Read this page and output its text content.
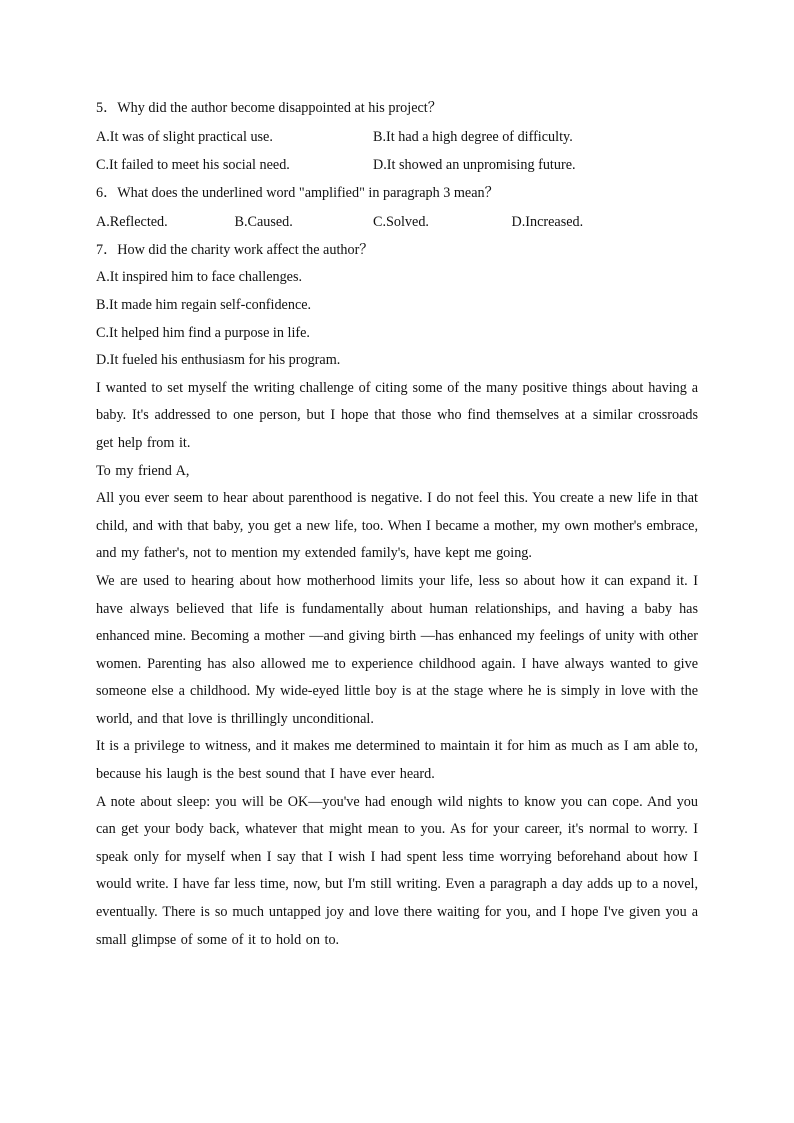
5．Why did the author become disappointed at his project？

A.It was of slight practical use.	B.It had a high degree of difficulty.
C.It failed to meet his social need.	D.It showed an unpromising future.

6．What does the underlined word "amplified" in paragraph 3 mean？

A.Reflected.	B.Caused.	C.Solved.	D.Increased.

7．How did the charity work affect the author？

A.It inspired him to face challenges.
B.It made him regain self-confidence.
C.It helped him find a purpose in life.
D.It fueled his enthusiasm for his program.

I wanted to set myself the writing challenge of citing some of the many positive things about having a baby. It's addressed to one person, but I hope that those who find themselves at a similar crossroads get help from it.

To my friend A,

All you ever seem to hear about parenthood is negative. I do not feel this. You create a new life in that child, and with that baby, you get a new life, too. When I became a mother, my own mother's embrace, and my father's, not to mention my extended family's, have kept me going.

We are used to hearing about how motherhood limits your life, less so about how it can expand it. I have always believed that life is fundamentally about human relationships, and having a baby has enhanced mine. Becoming a mother —and giving birth —has enhanced my feelings of unity with other women. Parenting has also allowed me to experience childhood again. I have always wanted to give someone else a childhood. My wide-eyed little boy is at the stage where he is simply in love with the world, and that love is thrillingly unconditional.

It is a privilege to witness, and it makes me determined to maintain it for him as much as I am able to, because his laugh is the best sound that I have ever heard.

A note about sleep: you will be OK—you've had enough wild nights to know you can cope. And you can get your body back, whatever that might mean to you. As for your career, it's normal to worry. I speak only for myself when I say that I wish I had spent less time worrying beforehand about how I would write. I have far less time, now, but I'm still writing. Even a paragraph a day adds up to a novel, eventually. There is so much untapped joy and love there waiting for you, and I hope I've given you a small glimpse of some of it to hold on to.
